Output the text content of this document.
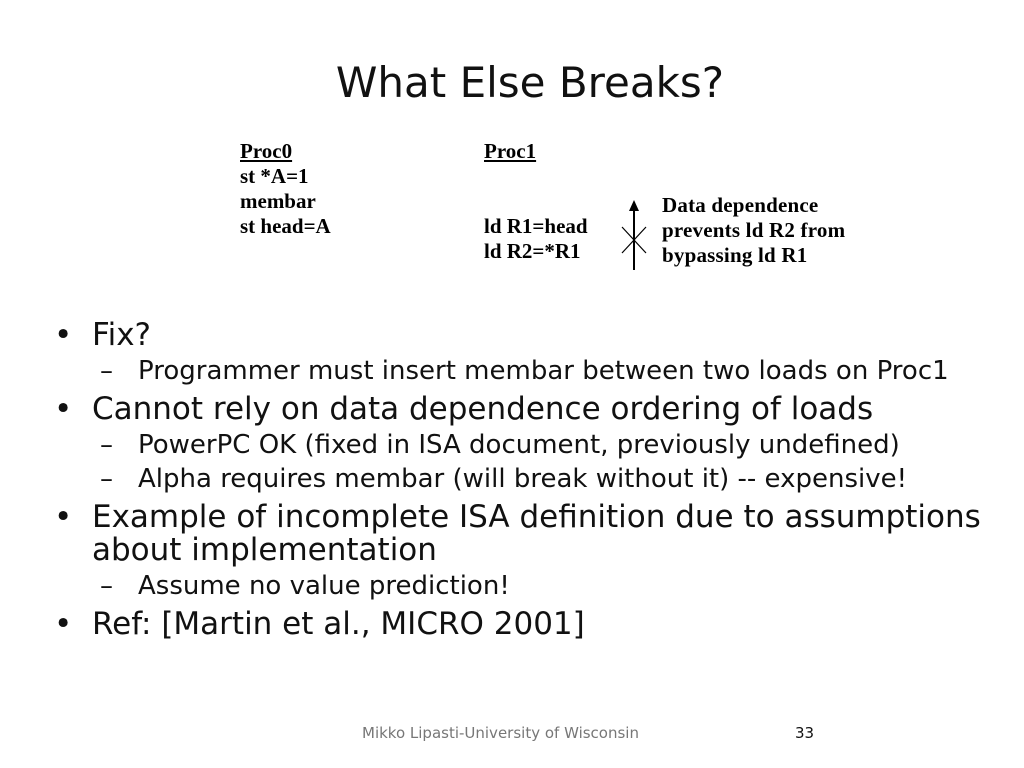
What Else Breaks?
Proc0
st *A=1
membar
st head=A
Proc1
ld R1=head
ld R2=*R1
Data dependence
prevents ld R2 from
bypassing ld R1
• Fix?
– Programmer must insert membar between two loads on Proc1
• Cannot rely on data dependence ordering of loads
– PowerPC OK (fixed in ISA document, previously undefined)
– Alpha requires membar (will break without it) -- expensive!
• Example of incomplete ISA definition due to assumptions about implementation
– Assume no value prediction!
• Ref: [Martin et al., MICRO 2001]
Mikko Lipasti-University of Wisconsin	33
